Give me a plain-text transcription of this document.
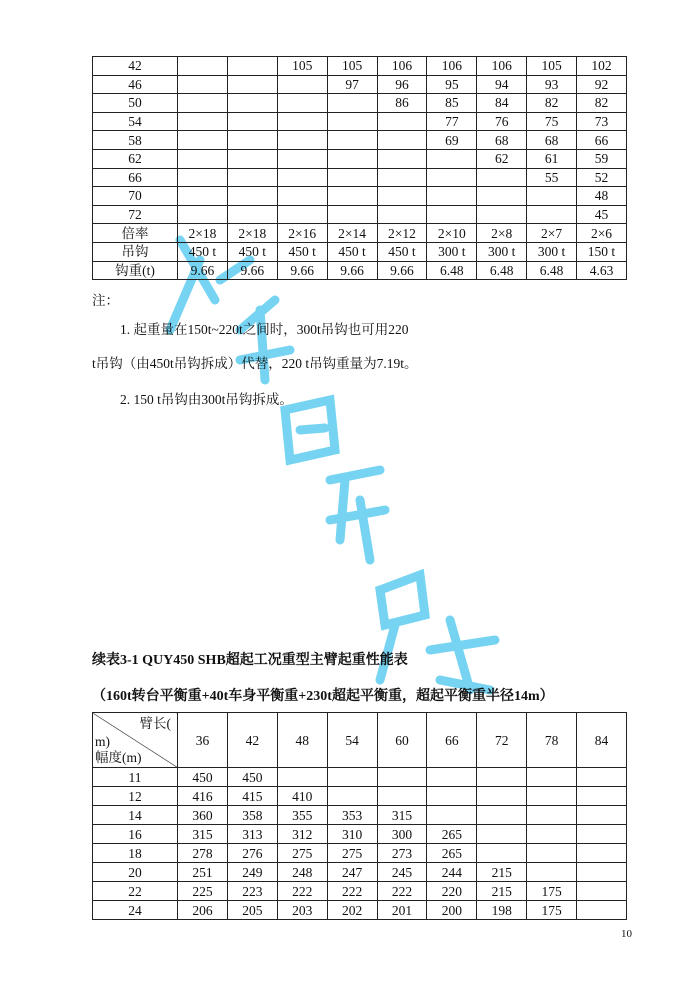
42			105	105	106	106	106	105	102
46				97	96	95	94	93	92
50					86	85	84	82	82
54						77	76	75	73
58						69	68	68	66
62							62	61	59
66								55	52
70									48
72									45
倍率	2×18	2×18	2×16	2×14	2×12	2×10	2×8	2×7	2×6
吊钩	450 t	450 t	450 t	450 t	450 t	300 t	300 t	300 t	150 t
钩重(t)	9.66	9.66	9.66	9.66	9.66	6.48	6.48	6.48	4.63
注：
1. 起重量在150t~220t之间时，300t吊钩也可用220
t吊钩（由450t吊钩拆成）代替，220 t吊钩重量为7.19t。
2. 150 t吊钩由300t吊钩拆成。
续表3-1 QUY450 SHB超起工况重型主臂起重性能表
（160t转台平衡重+40t车身平衡重+230t超起平衡重，超起平衡重半径14m）
臂长(
m)
幅度(m)	36	42	48	54	60	66	72	78	84
11	450	450							
12	416	415	410						
14	360	358	355	353	315				
16	315	313	312	310	300	265			
18	278	276	275	275	273	265			
20	251	249	248	247	245	244	215		
22	225	223	222	222	222	220	215	175	
24	206	205	203	202	201	200	198	175	
10
